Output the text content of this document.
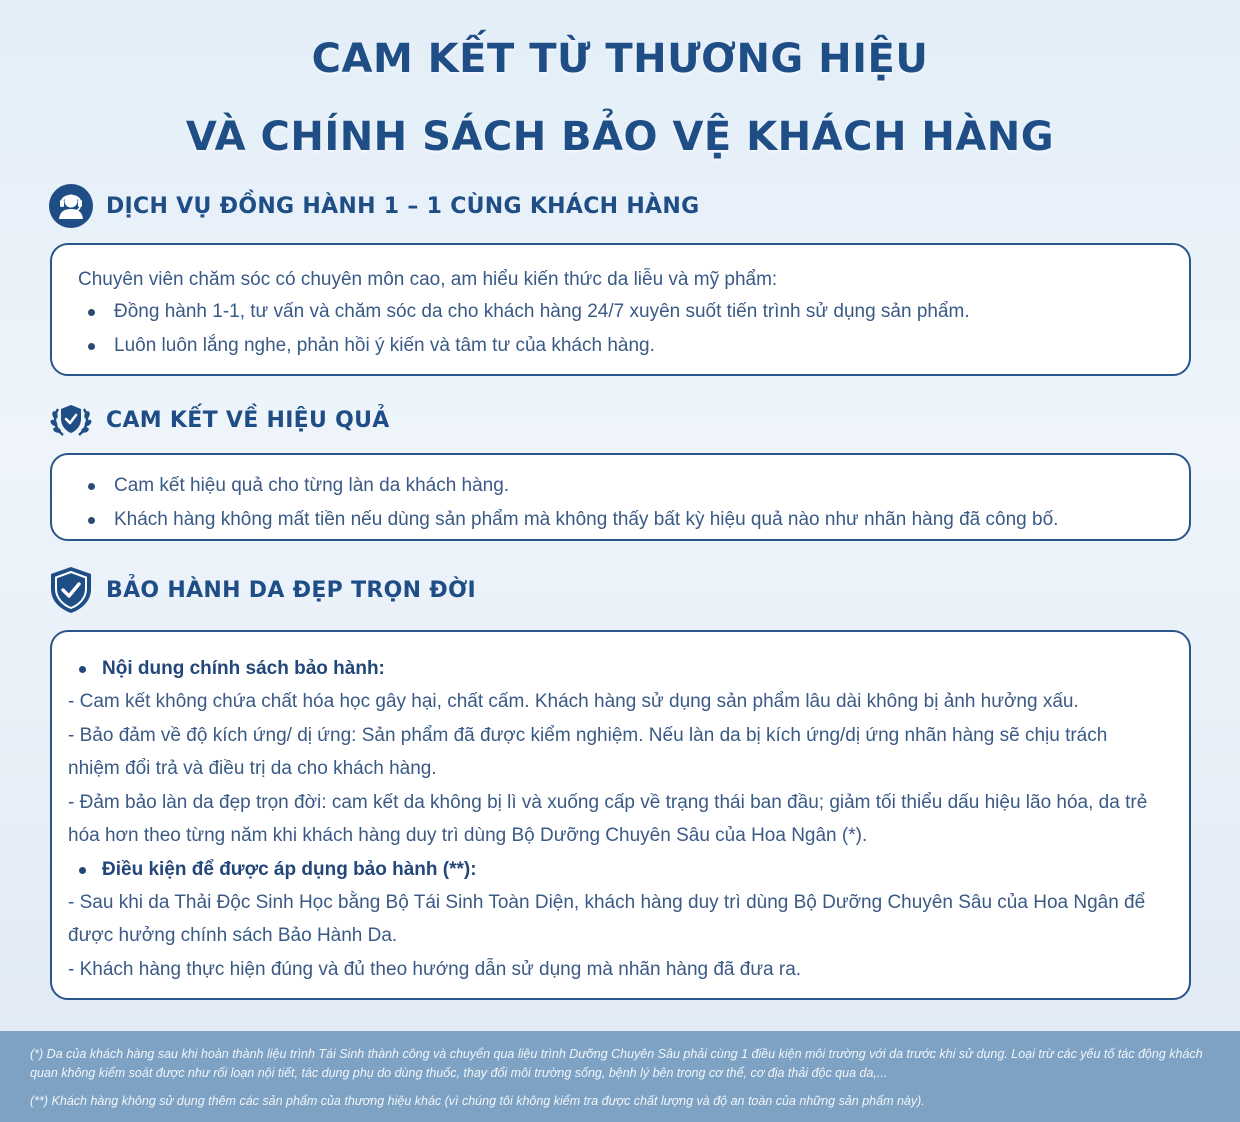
CAM KẾT TỪ THƯƠNG HIỆU
VÀ CHÍNH SÁCH BẢO VỆ KHÁCH HÀNG
DỊCH VỤ ĐỒNG HÀNH 1 – 1 CÙNG KHÁCH HÀNG

Chuyên viên chăm sóc có chuyên môn cao, am hiểu kiến thức da liễu và mỹ phẩm:

Đồng hành 1-1, tư vấn và chăm sóc da cho khách hàng 24/7 xuyên suốt tiến trình sử dụng sản phẩm.
Luôn luôn lắng nghe, phản hồi ý kiến và tâm tư của khách hàng.
CAM KẾT VỀ HIỆU QUẢ
Cam kết hiệu quả cho từng làn da khách hàng.
Khách hàng không mất tiền nếu dùng sản phẩm mà không thấy bất kỳ hiệu quả nào như nhãn hàng đã công bố.
BẢO HÀNH DA ĐẸP TRỌN ĐỜI

Nội dung chính sách bảo hành:

- Cam kết không chứa chất hóa học gây hại, chất cấm. Khách hàng sử dụng sản phẩm lâu dài không bị ảnh hưởng xấu.

- Bảo đảm về độ kích ứng/ dị ứng: Sản phẩm đã được kiểm nghiệm. Nếu làn da bị kích ứng/dị ứng nhãn hàng sẽ chịu trách

nhiệm đổi trả và điều trị da cho khách hàng.

- Đảm bảo làn da đẹp trọn đời: cam kết da không bị lì và xuống cấp về trạng thái ban đầu; giảm tối thiểu dấu hiệu lão hóa, da trẻ

hóa hơn theo từng năm khi khách hàng duy trì dùng Bộ Dưỡng Chuyên Sâu của Hoa Ngân (*).

Điều kiện để được áp dụng bảo hành (**):

- Sau khi da Thải Độc Sinh Học bằng Bộ Tái Sinh Toàn Diện, khách hàng duy trì dùng Bộ Dưỡng Chuyên Sâu của Hoa Ngân để

được hưởng chính sách Bảo Hành Da.

- Khách hàng thực hiện đúng và đủ theo hướng dẫn sử dụng mà nhãn hàng đã đưa ra.

(*) Da của khách hàng sau khi hoàn thành liệu trình Tái Sinh thành công và chuyển qua liệu trình Dưỡng Chuyên Sâu phải cùng 1 điều kiện môi trường với da trước khi sử dụng. Loại trừ các yếu tố tác động khách quan không kiểm soát được như rối loạn nội tiết, tác dụng phụ do dùng thuốc, thay đổi môi trường sống, bệnh lý bên trong cơ thể, cơ địa thải độc qua da,...

(**) Khách hàng không sử dụng thêm các sản phẩm của thương hiệu khác (vì chúng tôi không kiểm tra được chất lượng và độ an toàn của những sản phẩm này).
